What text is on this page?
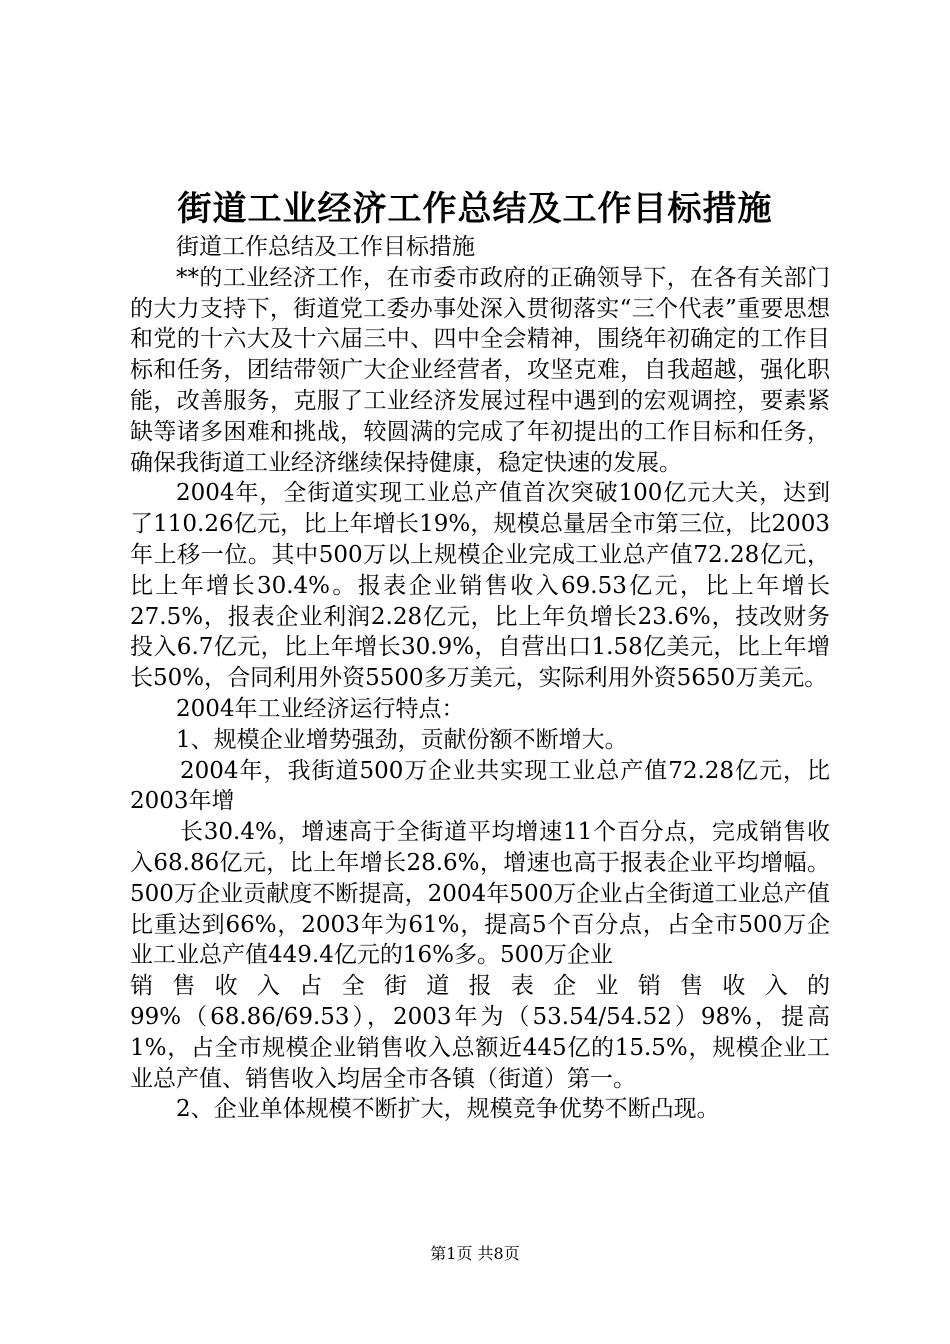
街道工业经济工作总结及工作目标措施

街道工作总结及工作目标措施

**的工业经济工作，在市委市政府的正确领导下，在各有关部门的大力支持下，街道党工委办事处深入贯彻落实“三个代表”重要思想和党的十六大及十六届三中、四中全会精神，围绕年初确定的工作目标和任务，团结带领广大企业经营者，攻坚克难，自我超越，强化职能，改善服务，克服了工业经济发展过程中遇到的宏观调控，要素紧缺等诸多困难和挑战，较圆满的完成了年初提出的工作目标和任务，确保我街道工业经济继续保持健康，稳定快速的发展。

2004年，全街道实现工业总产值首次突破100亿元大关，达到了110.26亿元，比上年增长19%，规模总量居全市第三位，比2003年上移一位。其中500万以上规模企业完成工业总产值72.28亿元，比上年增长30.4%。报表企业销售收入69.53亿元，比上年增长27.5%，报表企业利润2.28亿元，比上年负增长23.6%，技改财务投入6.7亿元，比上年增长30.9%，自营出口1.58亿美元，比上年增长50%，合同利用外资5500多万美元，实际利用外资5650万美元。

2004年工业经济运行特点：

1、规模企业增势强劲，贡献份额不断增大。

2004年，我街道500万企业共实现工业总产值72.28亿元，比2003年增

长30.4%，增速高于全街道平均增速11个百分点，完成销售收入68.86亿元，比上年增长28.6%，增速也高于报表企业平均增幅。500万企业贡献度不断提高，2004年500万企业占全街道工业总产值比重达到66%，2003年为61%，提高5个百分点，占全市500万企业工业总产值449.4亿元的16%多。500万企业

销售收入占全街道报表企业销售收入的

99%（68.86/69.53），2003年为（53.54/54.52）98%，提高1%，占全市规模企业销售收入总额近445亿的15.5%，规模企业工业总产值、销售收入均居全市各镇（街道）第一。

2、企业单体规模不断扩大，规模竞争优势不断凸现。

第1页 共8页
